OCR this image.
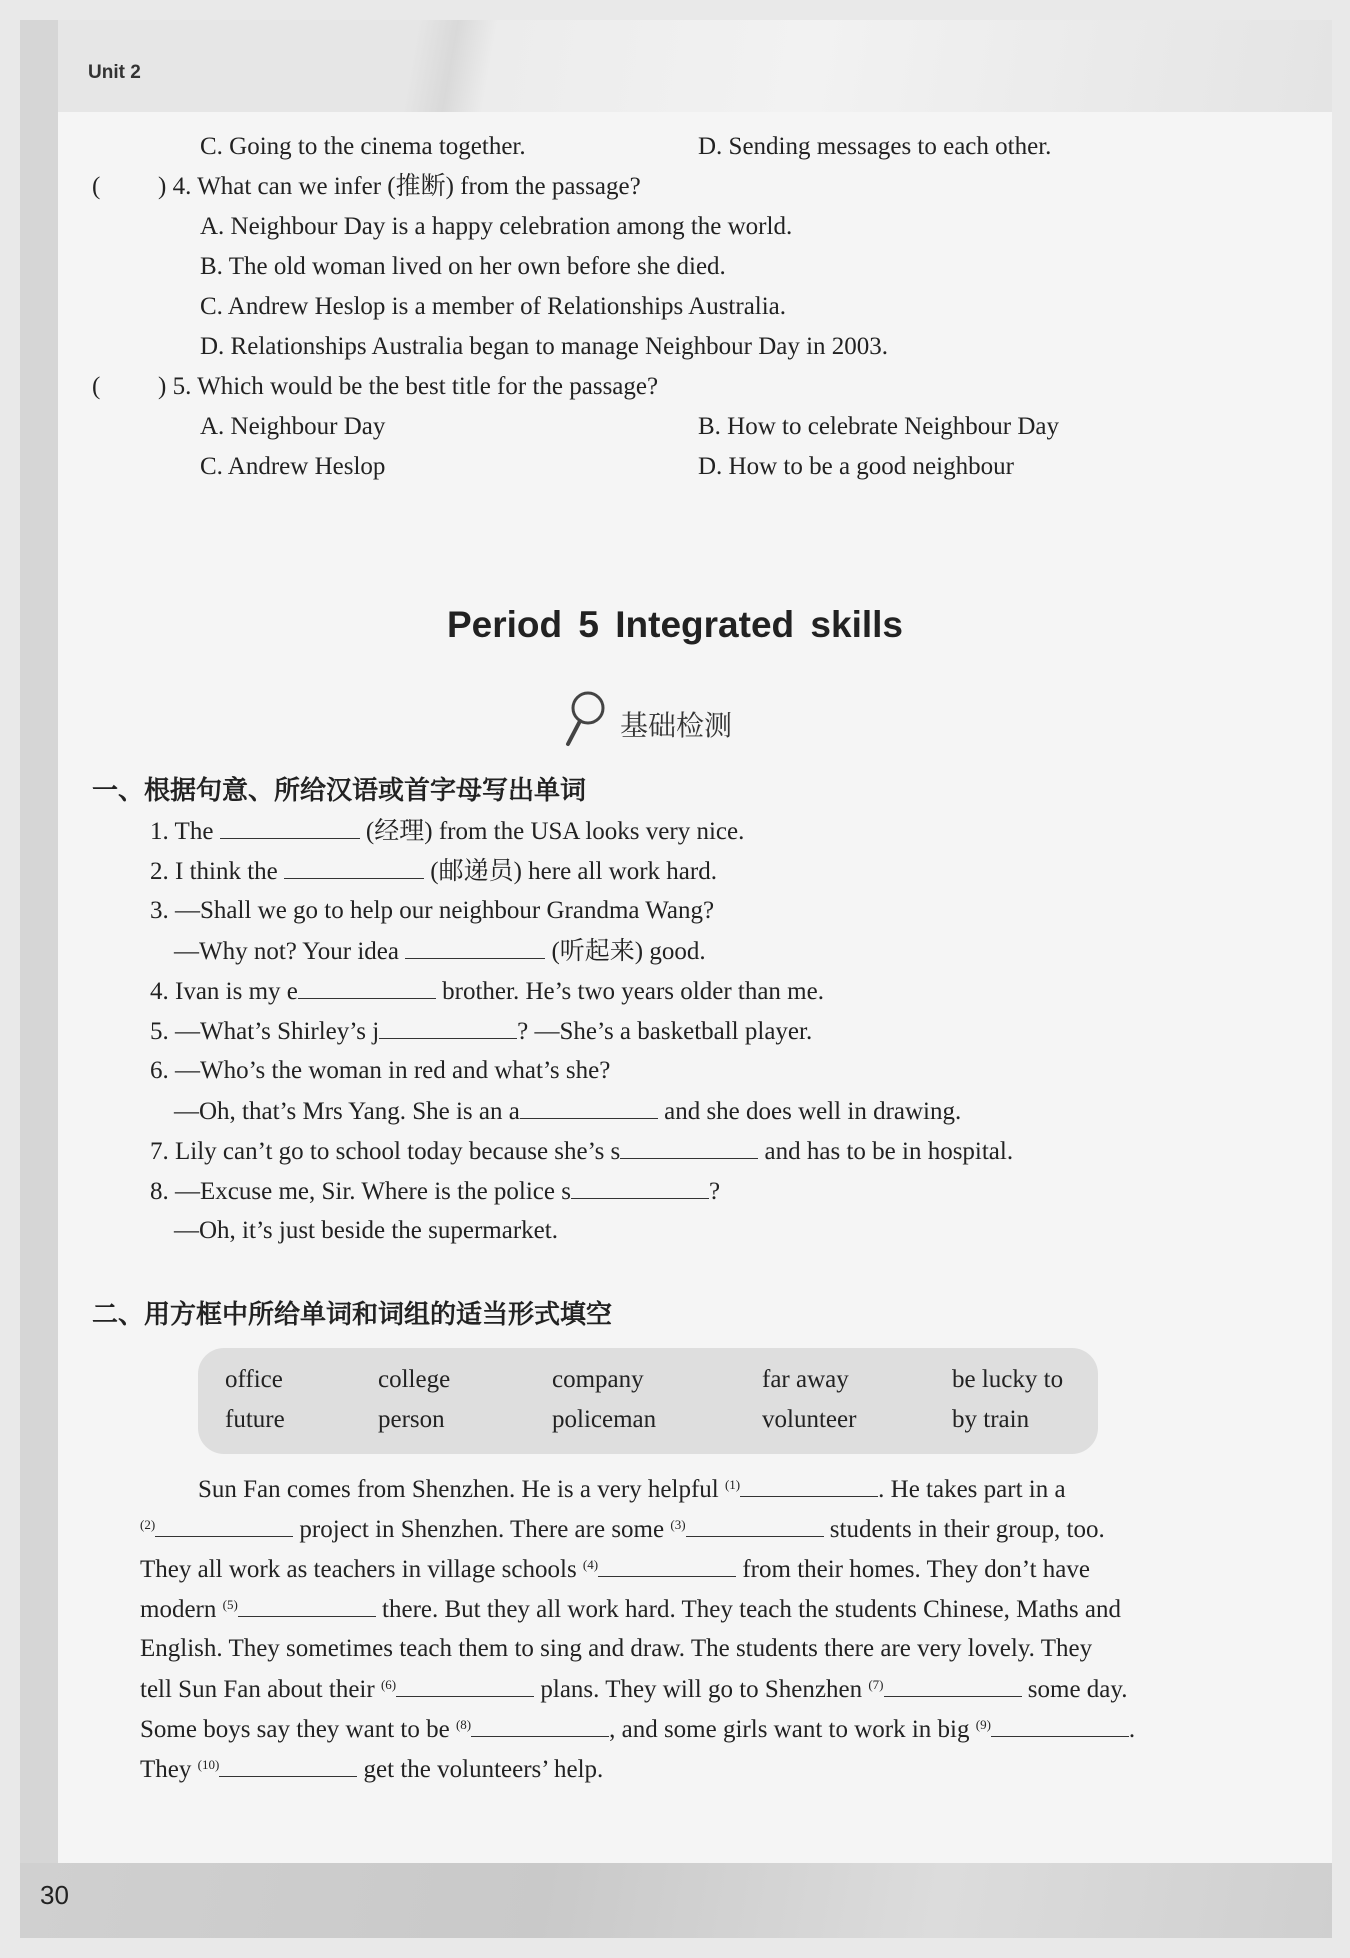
Unit 2
C. Going to the cinema together.	D. Sending messages to each other.
( ) 4. What can we infer (推断) from the passage?
A. Neighbour Day is a happy celebration among the world.
B. The old woman lived on her own before she died.
C. Andrew Heslop is a member of Relationships Australia.
D. Relationships Australia began to manage Neighbour Day in 2003.
( ) 5. Which would be the best title for the passage?
A. Neighbour Day	B. How to celebrate Neighbour Day
C. Andrew Heslop	D. How to be a good neighbour
Period 5 Integrated skills
基础检测
一、根据句意、所给汉语或首字母写出单词
1. The	(经理) from the USA looks very nice.
2. I think the	(邮递员) here all work hard.
3. —Shall we go to help our neighbour Grandma Wang?
—Why not? Your idea	(听起来) good.
4. Ivan is my e	brother. He’s two years older than me.
5. —What’s Shirley’s j	? —She’s a basketball player.
6. —Who’s the woman in red and what’s she?
—Oh, that’s Mrs Yang. She is an a	and she does well in drawing.
7. Lily can’t go to school today because she’s s	and has to be in hospital.
8. —Excuse me, Sir. Where is the police s	?
—Oh, it’s just beside the supermarket.
二、用方框中所给单词和词组的适当形式填空
office	college	company	far away	be lucky to
future	person	policeman	volunteer	by train
Sun Fan comes from Shenzhen. He is a very helpful $^{(1)}$	. He takes part in a
$^{(2)}$	project in Shenzhen. There are some $^{(3)}$	students in their group, too.
They all work as teachers in village schools $^{(4)}$	from their homes. They don’t have
modern $^{(5)}$	there. But they all work hard. They teach the students Chinese, Maths and
English. They sometimes teach them to sing and draw. The students there are very lovely. They
tell Sun Fan about their $^{(6)}$	plans. They will go to Shenzhen $^{(7)}$	some day.
Some boys say they want to be $^{(8)}$	, and some girls want to work in big $^{(9)}$	.
They $^{(10)}$	get the volunteers’ help.
30
